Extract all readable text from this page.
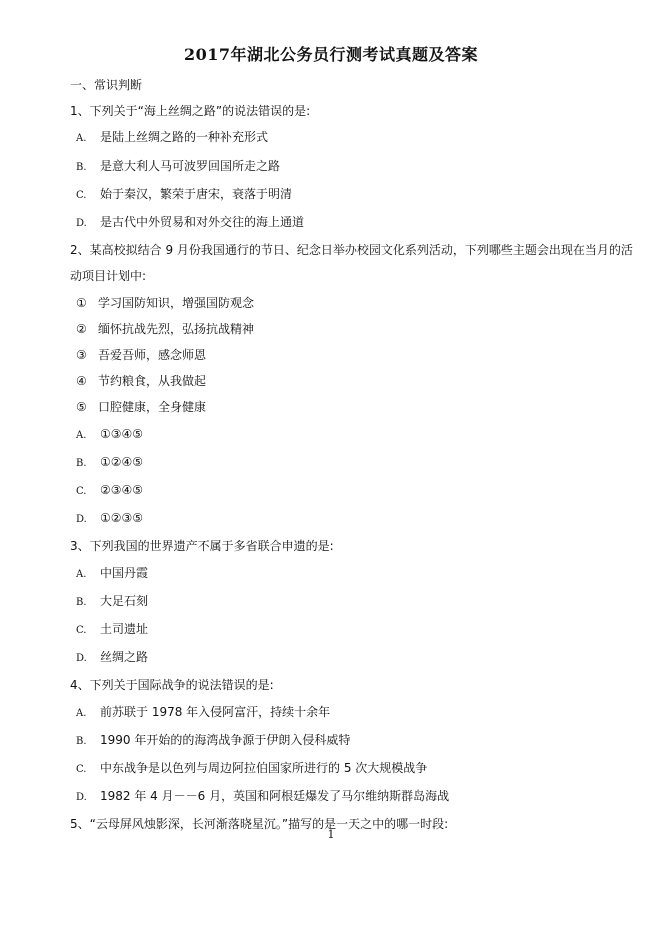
2017年湖北公务员行测考试真题及答案
一、常识判断
1、下列关于“海上丝绸之路”的说法错误的是:
A. 是陆上丝绸之路的一种补充形式
B. 是意大利人马可波罗回国所走之路
C. 始于秦汉，繁荣于唐宋，衰落于明清
D. 是古代中外贸易和对外交往的海上通道
2、某高校拟结合 9 月份我国通行的节日、纪念日举办校园文化系列活动，下列哪些主题会出现在当月的活
动项目计划中:
① 学习国防知识，增强国防观念
② 缅怀抗战先烈，弘扬抗战精神
③ 吾爱吾师，感念师恩
④ 节约粮食，从我做起
⑤ 口腔健康，全身健康
A. ①③④⑤
B. ①②④⑤
C. ②③④⑤
D. ①②③⑤
3、下列我国的世界遗产不属于多省联合申遗的是:
A. 中国丹霞
B. 大足石刻
C. 土司遗址
D. 丝绸之路
4、下列关于国际战争的说法错误的是:
A. 前苏联于 1978 年入侵阿富汗，持续十余年
B. 1990 年开始的的海湾战争源于伊朗入侵科威特
C. 中东战争是以色列与周边阿拉伯国家所进行的 5 次大规模战争
D. 1982 年 4 月－－6 月，英国和阿根廷爆发了马尔维纳斯群岛海战
5、“云母屏风烛影深，长河渐落晓星沉。”描写的是一天之中的哪一时段:
1
